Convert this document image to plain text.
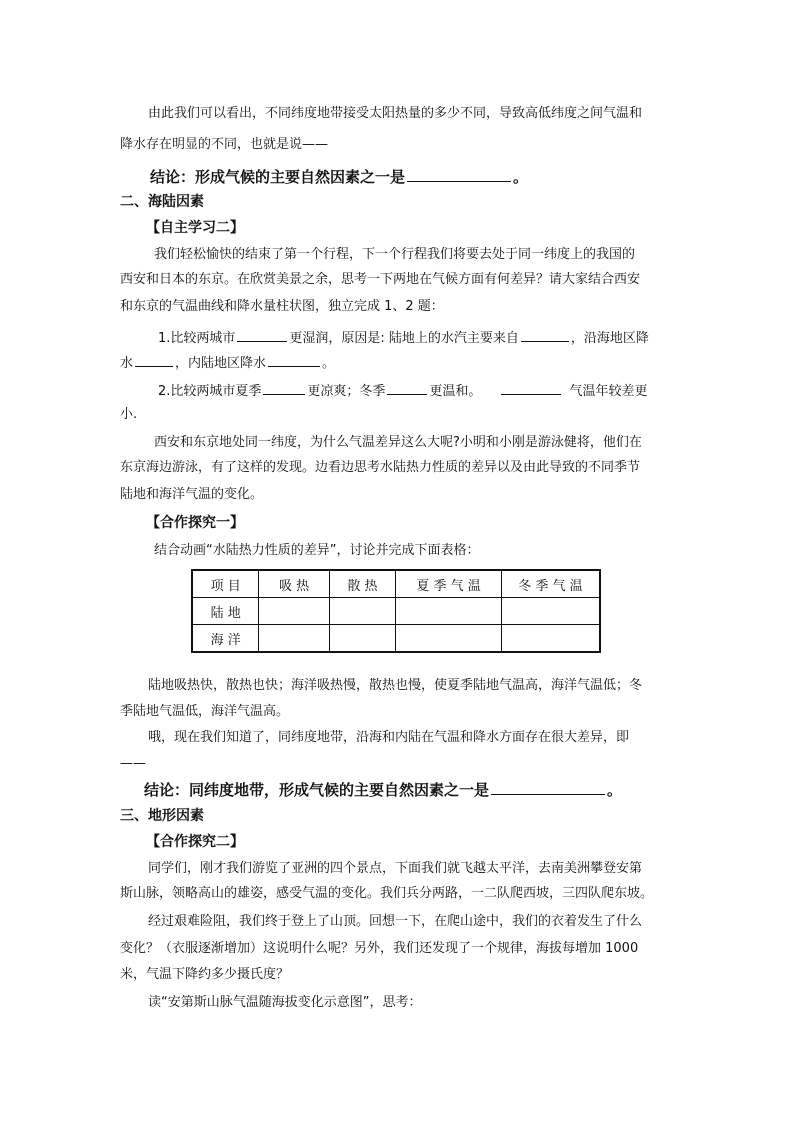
由此我们可以看出，不同纬度地带接受太阳热量的多少不同，导致高低纬度之间气温和
降水存在明显的不同，也就是说——
结论：形成气候的主要自然因素之一是	。
二、海陆因素
【自主学习二】
我们轻松愉快的结束了第一个行程，下一个行程我们将要去处于同一纬度上的我国的
西安和日本的东京。在欣赏美景之余，思考一下两地在气候方面有何差异？请大家结合西安
和东京的气温曲线和降水量柱状图，独立完成 1、2 题：
1.比较两城市	更湿润，原因是: 陆地上的水汽主要来自	，沿海地区降
水	，内陆地区降水	。
2.比较两城市夏季	更凉爽；冬季	更温和。	气温年较差更
小.
西安和东京地处同一纬度，为什么气温差异这么大呢?小明和小刚是游泳健将，他们在
东京海边游泳，有了这样的发现。边看边思考水陆热力性质的差异以及由此导致的不同季节
陆地和海洋气温的变化。
【合作探究一】
结合动画“水陆热力性质的差异”，讨论并完成下面表格：
项 目	吸 热	散 热	夏 季 气 温	冬 季 气 温
陆 地				
海 洋				
陆地吸热快，散热也快；海洋吸热慢，散热也慢，使夏季陆地气温高，海洋气温低；冬
季陆地气温低，海洋气温高。
哦，现在我们知道了，同纬度地带，沿海和内陆在气温和降水方面存在很大差异，即
——
结论：同纬度地带，形成气候的主要自然因素之一是	。
三、地形因素
【合作探究二】
同学们，刚才我们游览了亚洲的四个景点，下面我们就飞越太平洋，去南美洲攀登安第
斯山脉，领略高山的雄姿，感受气温的变化。我们兵分两路，一二队爬西坡，三四队爬东坡。
经过艰难险阻，我们终于登上了山顶。回想一下，在爬山途中，我们的衣着发生了什么
变化？（衣服逐渐增加）这说明什么呢？另外，我们还发现了一个规律，海拔每增加 1000
米，气温下降约多少摄氏度？
读“安第斯山脉气温随海拔变化示意图”，思考：
